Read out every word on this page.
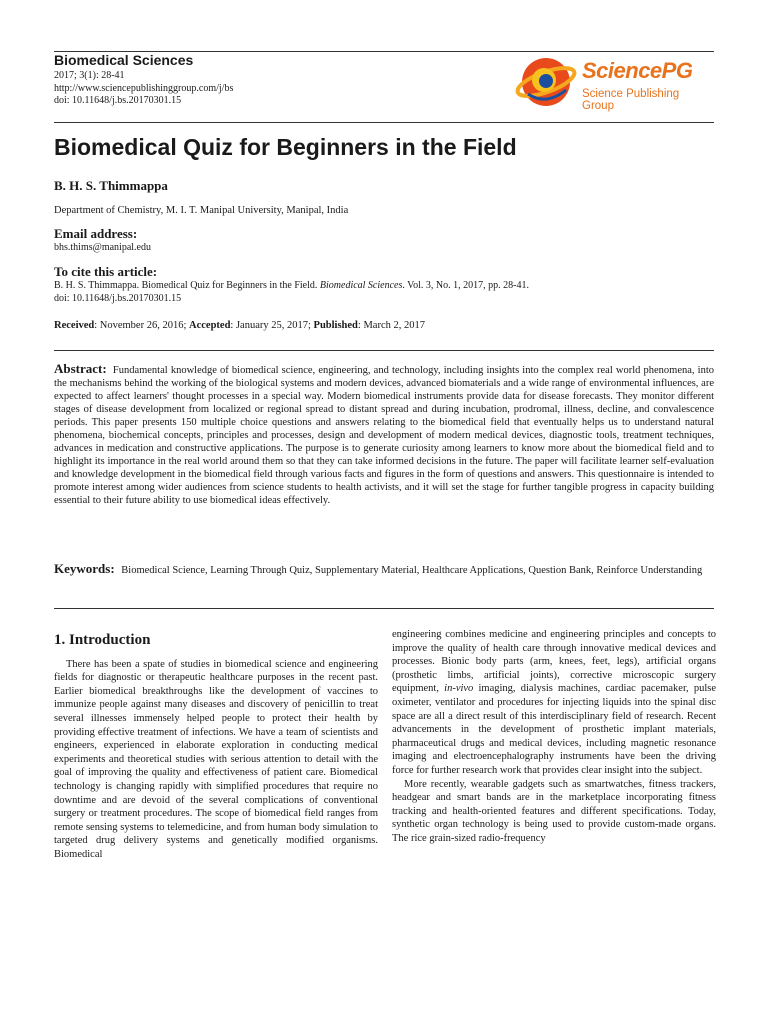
Biomedical Sciences
2017; 3(1): 28-41
http://www.sciencepublishinggroup.com/j/bs
doi: 10.11648/j.bs.20170301.15
SciencePG
Science Publishing Group
Biomedical Quiz for Beginners in the Field
B. H. S. Thimmappa
Department of Chemistry, M. I. T. Manipal University, Manipal, India
Email address:
bhs.thims@manipal.edu
To cite this article:
B. H. S. Thimmappa. Biomedical Quiz for Beginners in the Field. Biomedical Sciences. Vol. 3, No. 1, 2017, pp. 28-41.
doi: 10.11648/j.bs.20170301.15
Received: November 26, 2016; Accepted: January 25, 2017; Published: March 2, 2017
Abstract: Fundamental knowledge of biomedical science, engineering, and technology, including insights into the complex real world phenomena, into the mechanisms behind the working of the biological systems and modern devices, advanced biomaterials and a wide range of environmental influences, are expected to affect learners' thought processes in a special way. Modern biomedical instruments provide data for disease forecasts. They monitor different stages of disease development from localized or regional spread to distant spread and during incubation, prodromal, illness, decline, and convalescence periods. This paper presents 150 multiple choice questions and answers relating to the biomedical field that eventually helps us to understand natural phenomena, biochemical concepts, principles and processes, design and development of modern medical devices, diagnostic tools, treatment techniques, advances in medication and constructive applications. The purpose is to generate curiosity among learners to know more about the biomedical field and to highlight its importance in the real world around them so that they can take informed decisions in the future. The paper will facilitate learner self-evaluation and knowledge development in the biomedical field through various facts and figures in the form of questions and answers. This questionnaire is intended to promote interest among wider audiences from science students to health activists, and it will set the stage for further tangible progress in capacity building essential to their future ability to use biomedical ideas effectively.
Keywords: Biomedical Science, Learning Through Quiz, Supplementary Material, Healthcare Applications, Question Bank, Reinforce Understanding
1. Introduction

There has been a spate of studies in biomedical science and engineering fields for diagnostic or therapeutic healthcare purposes in the recent past. Earlier biomedical breakthroughs like the development of vaccines to immunize people against many diseases and discovery of penicillin to treat several illnesses immensely helped people to protect their health by providing effective treatment of infections. We have a team of scientists and engineers, experienced in elaborate exploration in conducting medical experiments and theoretical studies with serious attention to detail with the goal of improving the quality and effectiveness of patient care. Biomedical technology is changing rapidly with simplified procedures that require no downtime and are devoid of the several complications of conventional surgery or treatment procedures. The scope of biomedical field ranges from remote sensing systems to telemedicine, and from human body simulation to targeted drug delivery systems and genetically modified organisms. Biomedical

engineering combines medicine and engineering principles and concepts to improve the quality of health care through innovative medical devices and processes. Bionic body parts (arm, knees, feet, legs), artificial organs (prosthetic limbs, artificial joints), corrective microscopic surgery equipment, in-vivo imaging, dialysis machines, cardiac pacemaker, pulse oximeter, ventilator and procedures for injecting liquids into the spinal disc space are all a direct result of this interdisciplinary field of research. Recent advancements in the development of prosthetic implant materials, pharmaceutical drugs and medical devices, including magnetic resonance imaging and electroencephalography instruments have been the driving force for further research work that provides clear insight into the subject.

More recently, wearable gadgets such as smartwatches, fitness trackers, headgear and smart bands are in the marketplace incorporating fitness tracking and health-oriented features and different specifications. Today, synthetic organ technology is being used to provide custom-made organs. The rice grain-sized radio-frequency
